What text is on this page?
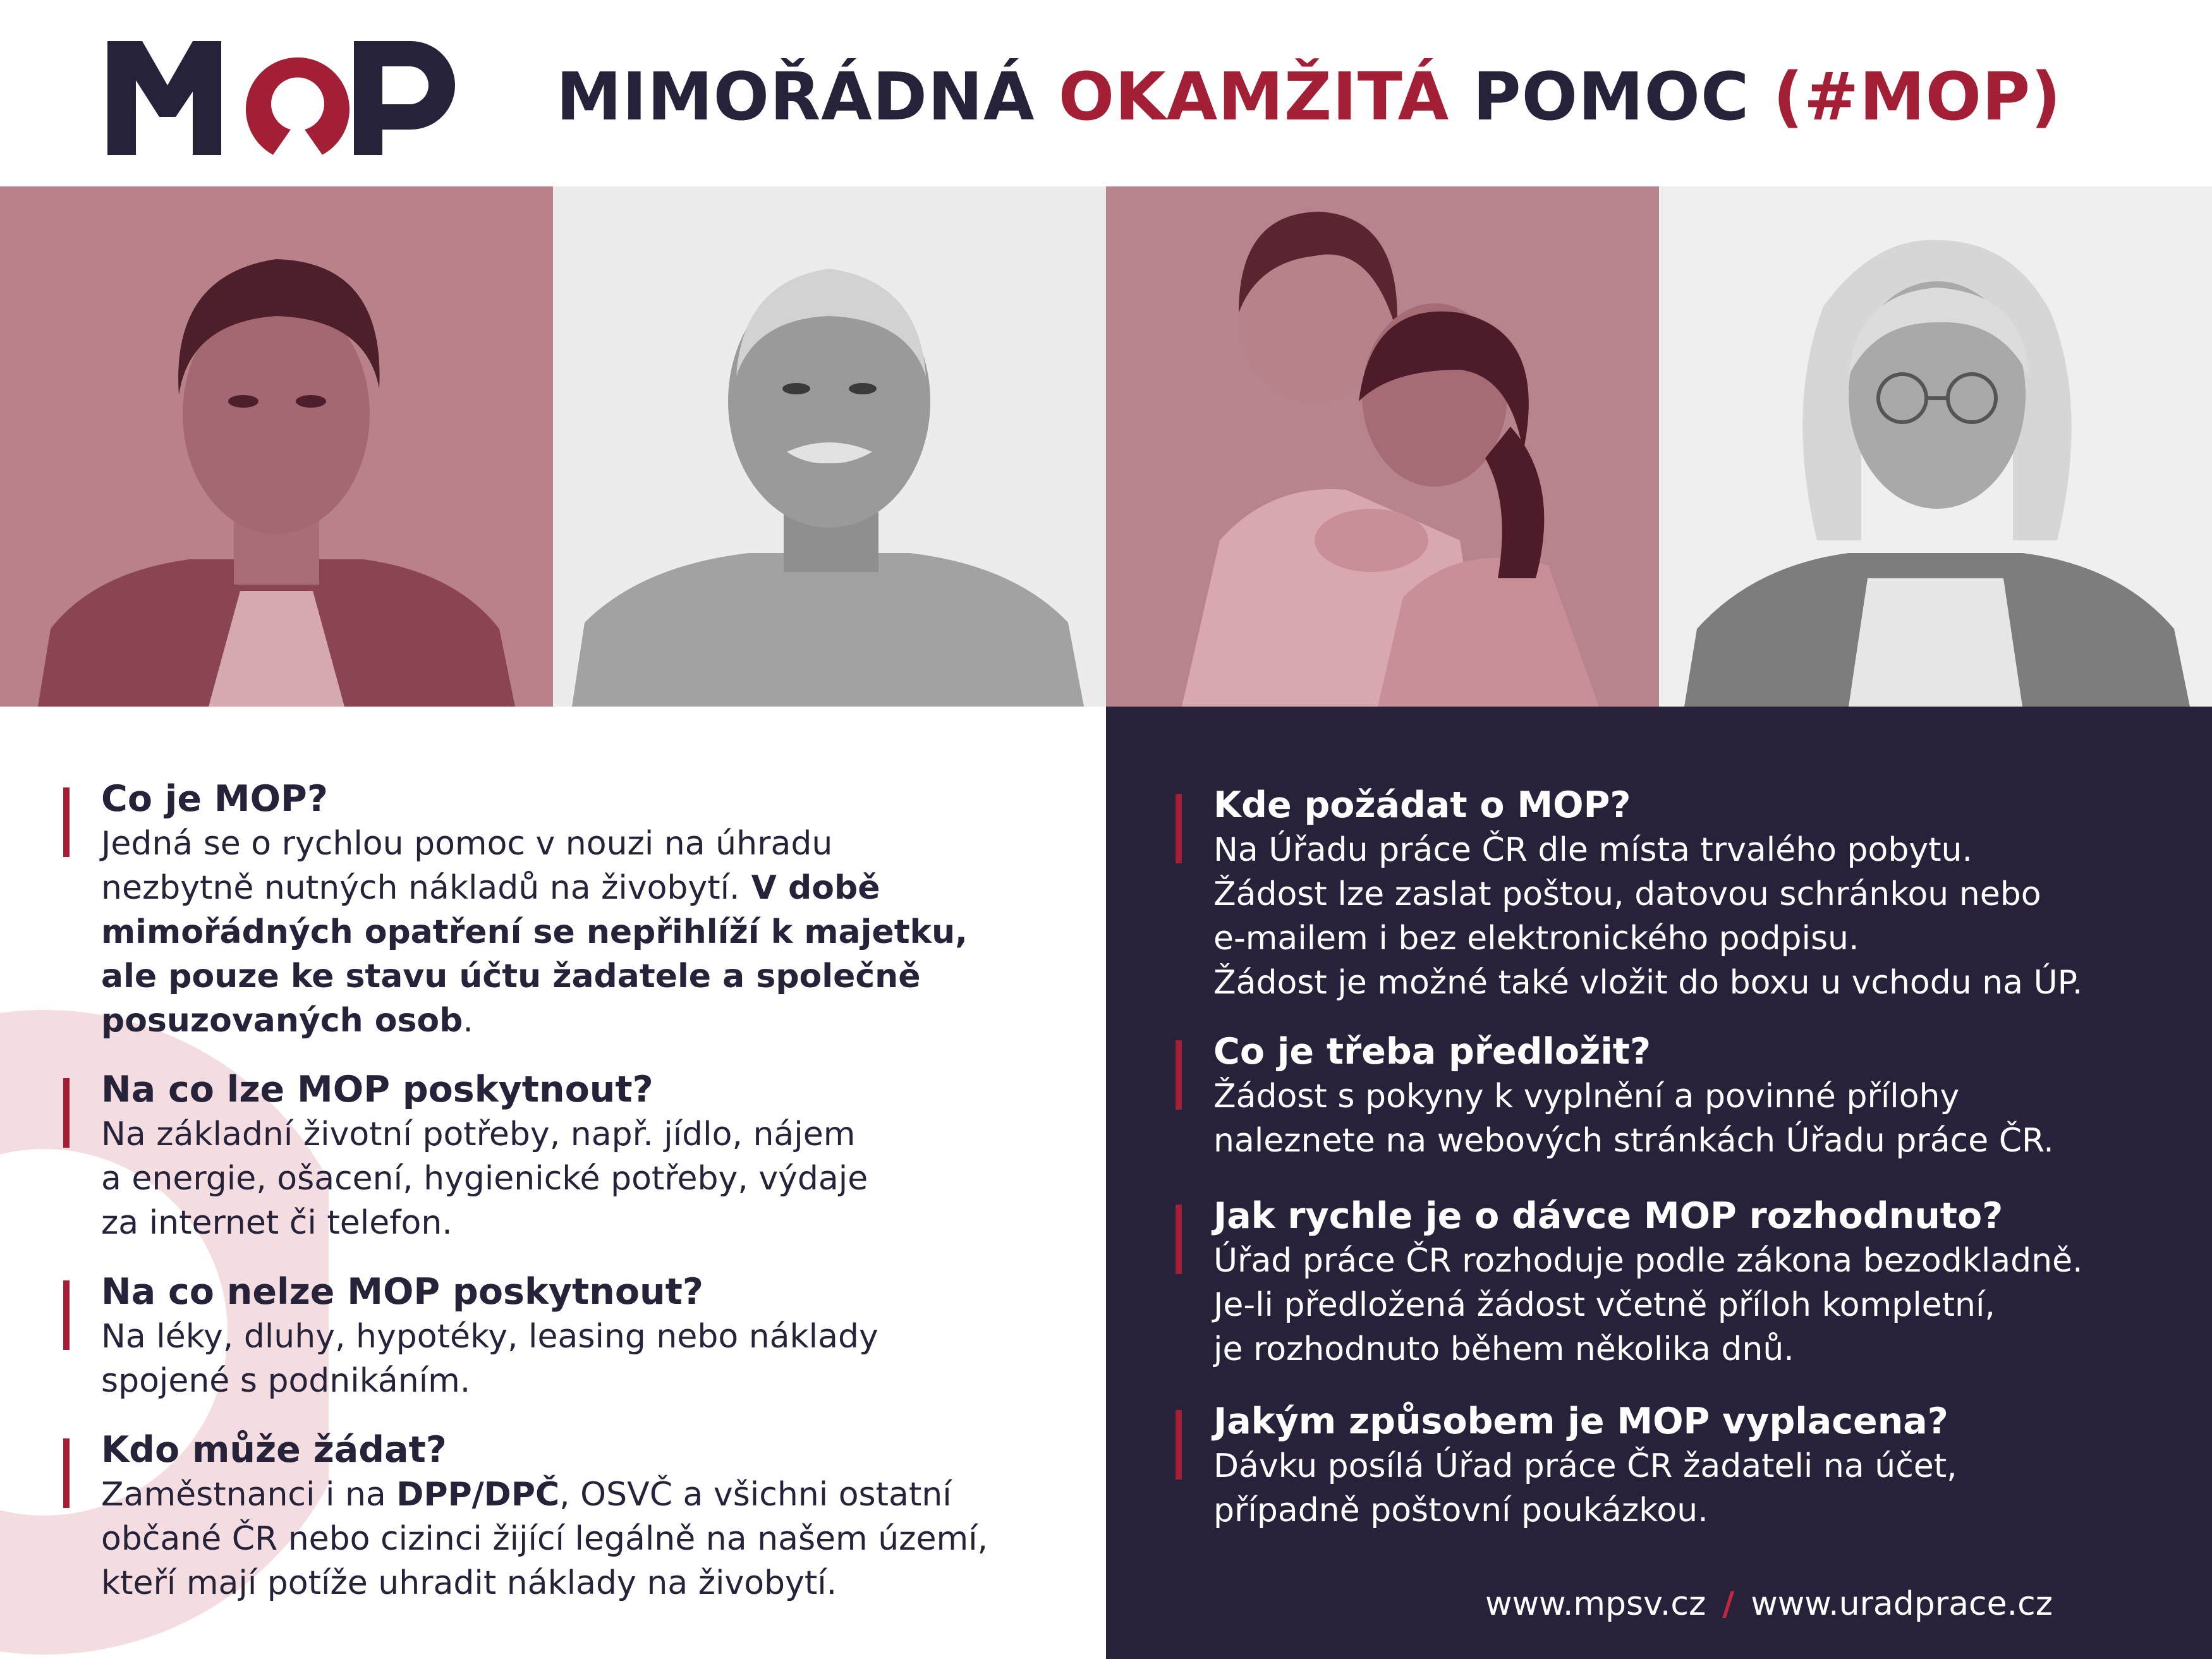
MIMOŘÁDNÁ OKAMŽITÁ POMOC (#MOP)
Co je MOP?

Jedná se o rychlou pomoc v nouzi na úhradu

nezbytně nutných nákladů na živobytí. V době

mimořádných opatření se nepřihlíží k majetku,

ale pouze ke stavu účtu žadatele a společně

posuzovaných osob.

Na co lze MOP poskytnout?

Na základní životní potřeby, např. jídlo, nájem

a energie, ošacení, hygienické potřeby, výdaje

za internet či telefon.

Na co nelze MOP poskytnout?

Na léky, dluhy, hypotéky, leasing nebo náklady

spojené s podnikáním.

Kdo může žádat?

Zaměstnanci i na DPP/DPČ, OSVČ a všichni ostatní

občané ČR nebo cizinci žijící legálně na našem území,

kteří mají potíže uhradit náklady na živobytí.

Kde požádat o MOP?

Na Úřadu práce ČR dle místa trvalého pobytu.

Žádost lze zaslat poštou, datovou schránkou nebo

e-mailem i bez elektronického podpisu.

Žádost je možné také vložit do boxu u vchodu na ÚP.

Co je třeba předložit?

Žádost s pokyny k vyplnění a povinné přílohy

naleznete na webových stránkách Úřadu práce ČR.

Jak rychle je o dávce MOP rozhodnuto?

Úřad práce ČR rozhoduje podle zákona bezodkladně.

Je-li předložená žádost včetně příloh kompletní,

je rozhodnuto během několika dnů.

Jakým způsobem je MOP vyplacena?

Dávku posílá Úřad práce ČR žadateli na účet,

případně poštovní poukázkou.

www.mpsv.cz / www.uradprace.cz
